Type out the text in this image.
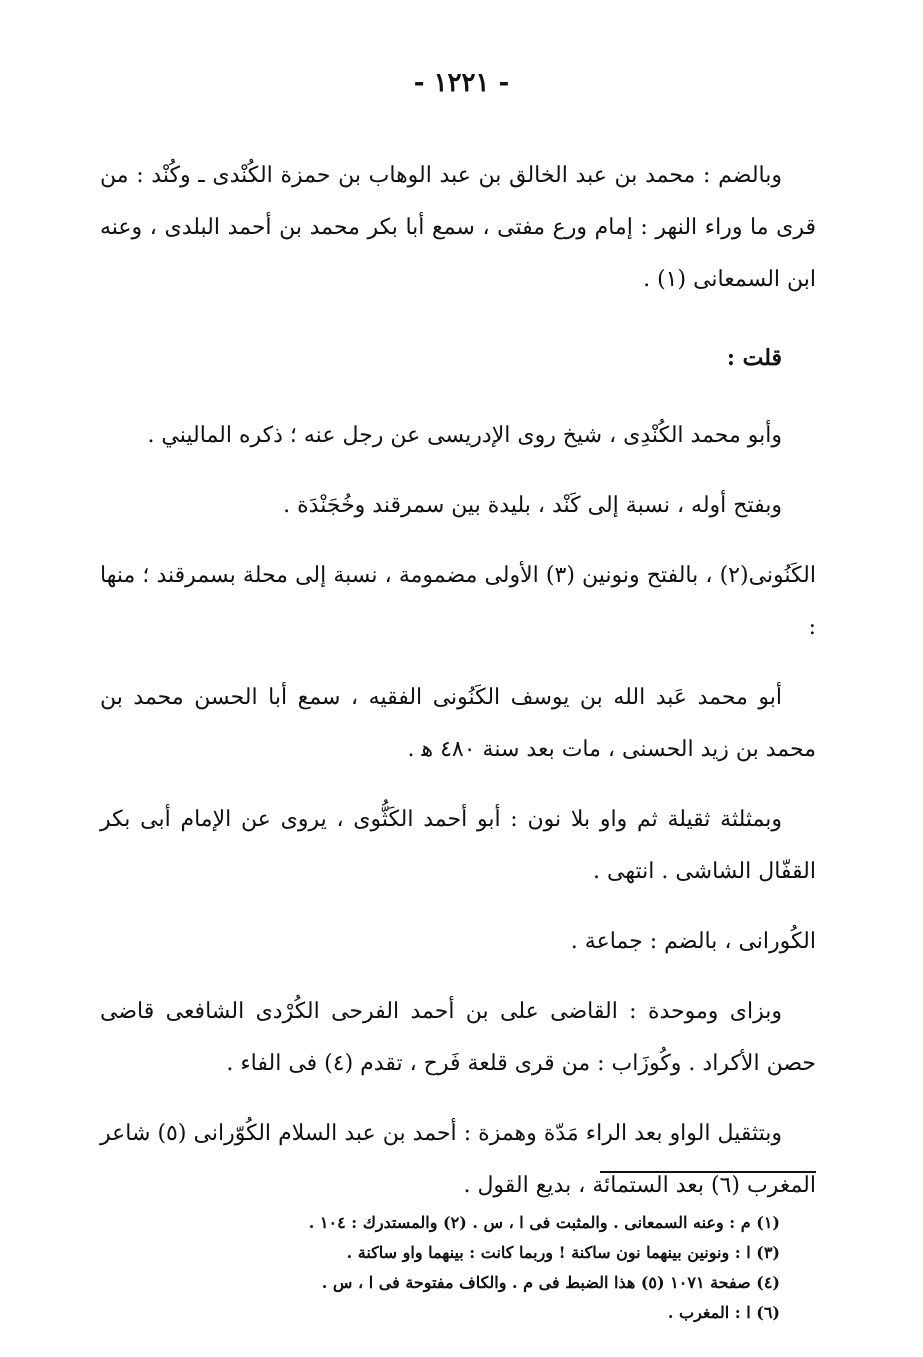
- ١٢٢١ -

وبالضم : محمد بن عبد الخالق بن عبد الوهاب بن حمزة الكُنْدى ـ وكُنْد : من قرى ما وراء النهر : إمام ورع مفتى ، سمع أبا بكر محمد بن أحمد البلدى ، وعنه ابن السمعانى (١) .

قلت :

وأبو محمد الكُنْدِى ، شيخ روى الإدريسى عن رجل عنه ؛ ذكره الماليني .

وبفتح أوله ، نسبة إلى كَنْد ، بليدة بين سمرقند وخُجَنْدَة .

الكَنُونى(٢) ، بالفتح ونونين (٣) الأولى مضمومة ، نسبة إلى محلة بسمرقند ؛ منها :

أبو محمد عَبد الله بن يوسف الكَنُونى الفقيه ، سمع أبا الحسن محمد بن محمد بن زيد الحسنى ، مات بعد سنة ٤٨٠ ﻫ .

وبمثلثة ثقيلة ثم واو بلا نون : أبو أحمد الكَثُّوى ، يروى عن الإمام أبى بكر القفّال الشاشى . انتهى .

الكُورانى ، بالضم : جماعة .

وبزاى وموحدة : القاضى على بن أحمد الفرحى الكُرْدى الشافعى قاضى حصن الأكراد . وكُوزَاب : من قرى قلعة فَرح ، تقدم (٤) فى الفاء .

وبتثقيل الواو بعد الراء مَدّة وهمزة : أحمد بن عبد السلام الكُوّرانى (٥) شاعر المغرب (٦) بعد الستمائة ، بديع القول .

(١) م : وعنه السمعانى . والمثبت فى ا ، س . (٢) والمستدرك : ١٠٤ .

(٣) ا : ونونين بينهما نون ساكنة ! وربما كانت : بينهما واو ساكنة .

(٤) صفحة ١٠٧١ (٥) هذا الضبط فى م . والكاف مفتوحة فى ا ، س .

(٦) ا : المغرب .
